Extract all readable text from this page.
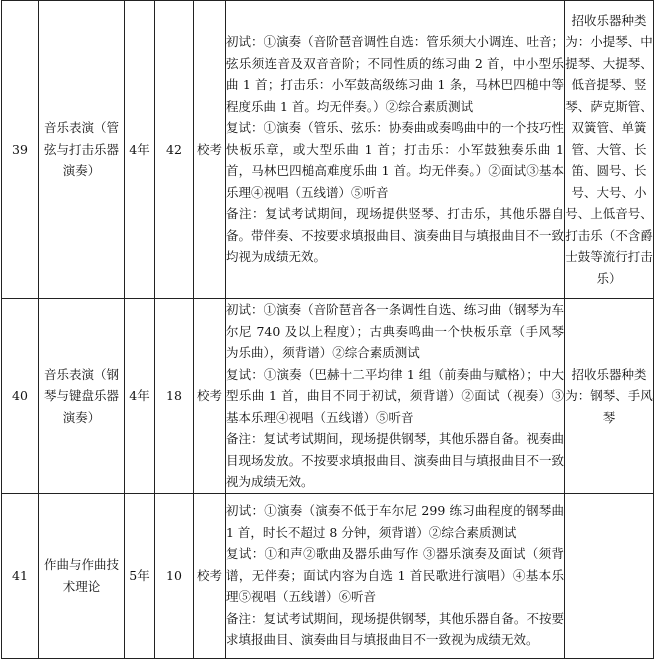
39	音乐表演（管弦与打击乐器演奏）	4年	42	校考	初试：①演奏（音阶琶音调性自选：管乐须大小调连、吐音；弦乐须连音及双音音阶；不同性质的练习曲 2 首，中小型乐曲 1 首；打击乐：小军鼓高级练习曲 1 条，马林巴四槌中等程度乐曲 1 首。均无伴奏。）②综合素质测试
复试：①演奏（管乐、弦乐：协奏曲或奏鸣曲中的一个技巧性快板乐章，或大型乐曲 1 首；打击乐：小军鼓独奏乐曲 1 首，马林巴四槌高难度乐曲 1 首。均无伴奏。）②面试③基本乐理④视唱（五线谱）⑤听音
备注：复试考试期间，现场提供竖琴、打击乐，其他乐器自备。带伴奏、不按要求填报曲目、演奏曲目与填报曲目不一致均视为成绩无效。	招收乐器种类为：小提琴、中提琴、大提琴、低音提琴、竖琴、萨克斯管、双簧管、单簧管、大管、长笛、圆号、长号、大号、小号、上低音号、打击乐（不含爵士鼓等流行打击乐）
40	音乐表演（钢琴与键盘乐器演奏）	4年	18	校考	初试：①演奏（音阶琶音各一条调性自选、练习曲（钢琴为车尔尼 740 及以上程度）；古典奏鸣曲一个快板乐章（手风琴为乐曲），须背谱）②综合素质测试
复试：①演奏（巴赫十二平均律 1 组（前奏曲与赋格）；中大型乐曲 1 首，曲目不同于初试，须背谱）②面试（视奏）③基本乐理④视唱（五线谱）⑤听音
备注：复试考试期间，现场提供钢琴，其他乐器自备。视奏曲目现场发放。不按要求填报曲目、演奏曲目与填报曲目不一致视为成绩无效。	招收乐器种类为：钢琴、手风琴
41	作曲与作曲技术理论	5年	10	校考	初试：①演奏（演奏不低于车尔尼 299 练习曲程度的钢琴曲 1 首，时长不超过 8 分钟，须背谱）②综合素质测试
复试：①和声②歌曲及器乐曲写作 ③器乐演奏及面试（须背谱，无伴奏；面试内容为自选 1 首民歌进行演唱）④基本乐理⑤视唱（五线谱）⑥听音
备注：复试考试期间，现场提供钢琴，其他乐器自备。不按要求填报曲目、演奏曲目与填报曲目不一致视为成绩无效。	
